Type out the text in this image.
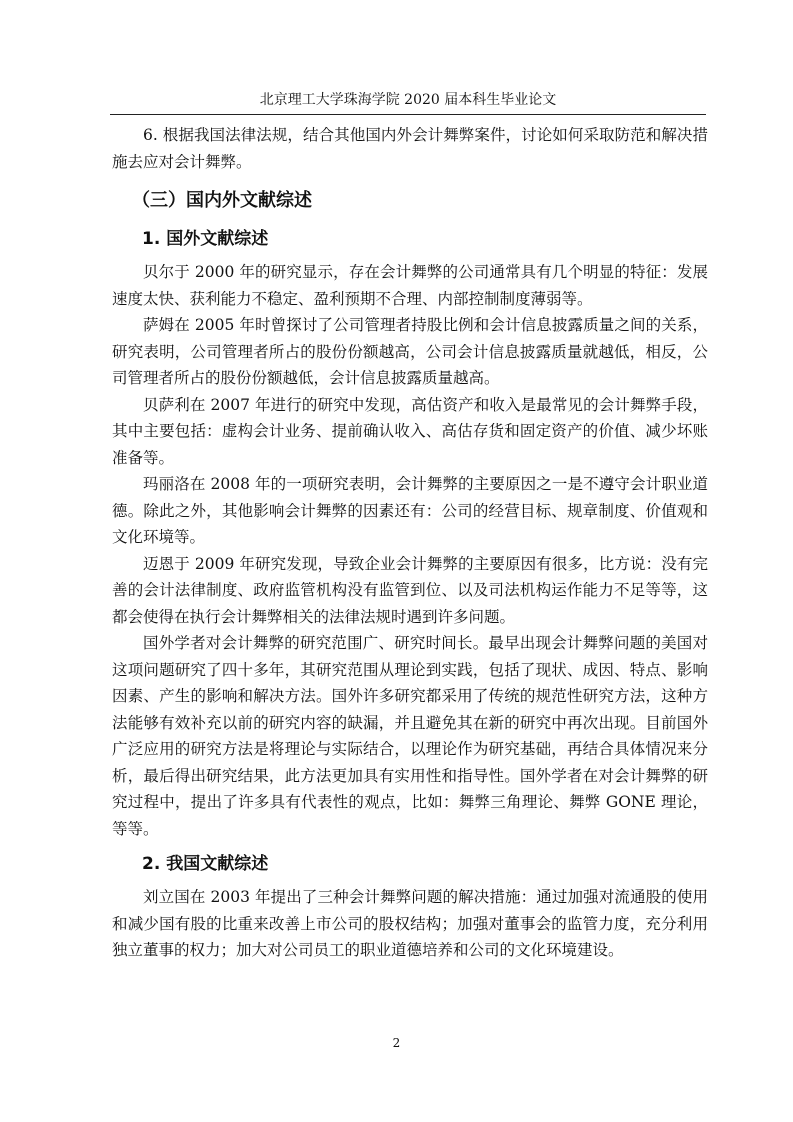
北京理工大学珠海学院 2020 届本科生毕业论文

6. 根据我国法律法规，结合其他国内外会计舞弊案件，讨论如何采取防范和解决措施去应对会计舞弊。

（三）国内外文献综述
1. 国外文献综述

贝尔于 2000 年的研究显示，存在会计舞弊的公司通常具有几个明显的特征：发展速度太快、获利能力不稳定、盈利预期不合理、内部控制制度薄弱等。

萨姆在 2005 年时曾探讨了公司管理者持股比例和会计信息披露质量之间的关系，研究表明，公司管理者所占的股份份额越高，公司会计信息披露质量就越低，相反，公司管理者所占的股份份额越低，会计信息披露质量越高。

贝萨利在 2007 年进行的研究中发现，高估资产和收入是最常见的会计舞弊手段，其中主要包括：虚构会计业务、提前确认收入、高估存货和固定资产的价值、减少坏账准备等。

玛丽洛在 2008 年的一项研究表明，会计舞弊的主要原因之一是不遵守会计职业道德。除此之外，其他影响会计舞弊的因素还有：公司的经营目标、规章制度、价值观和文化环境等。

迈恩于 2009 年研究发现，导致企业会计舞弊的主要原因有很多，比方说：没有完善的会计法律制度、政府监管机构没有监管到位、以及司法机构运作能力不足等等，这都会使得在执行会计舞弊相关的法律法规时遇到许多问题。

国外学者对会计舞弊的研究范围广、研究时间长。最早出现会计舞弊问题的美国对这项问题研究了四十多年，其研究范围从理论到实践，包括了现状、成因、特点、影响因素、产生的影响和解决方法。国外许多研究都采用了传统的规范性研究方法，这种方法能够有效补充以前的研究内容的缺漏，并且避免其在新的研究中再次出现。目前国外广泛应用的研究方法是将理论与实际结合，以理论作为研究基础，再结合具体情况来分析，最后得出研究结果，此方法更加具有实用性和指导性。国外学者在对会计舞弊的研究过程中，提出了许多具有代表性的观点，比如：舞弊三角理论、舞弊 GONE 理论，等等。

2. 我国文献综述

刘立国在 2003 年提出了三种会计舞弊问题的解决措施：通过加强对流通股的使用和减少国有股的比重来改善上市公司的股权结构；加强对董事会的监管力度，充分利用独立董事的权力；加大对公司员工的职业道德培养和公司的文化环境建设。

2
